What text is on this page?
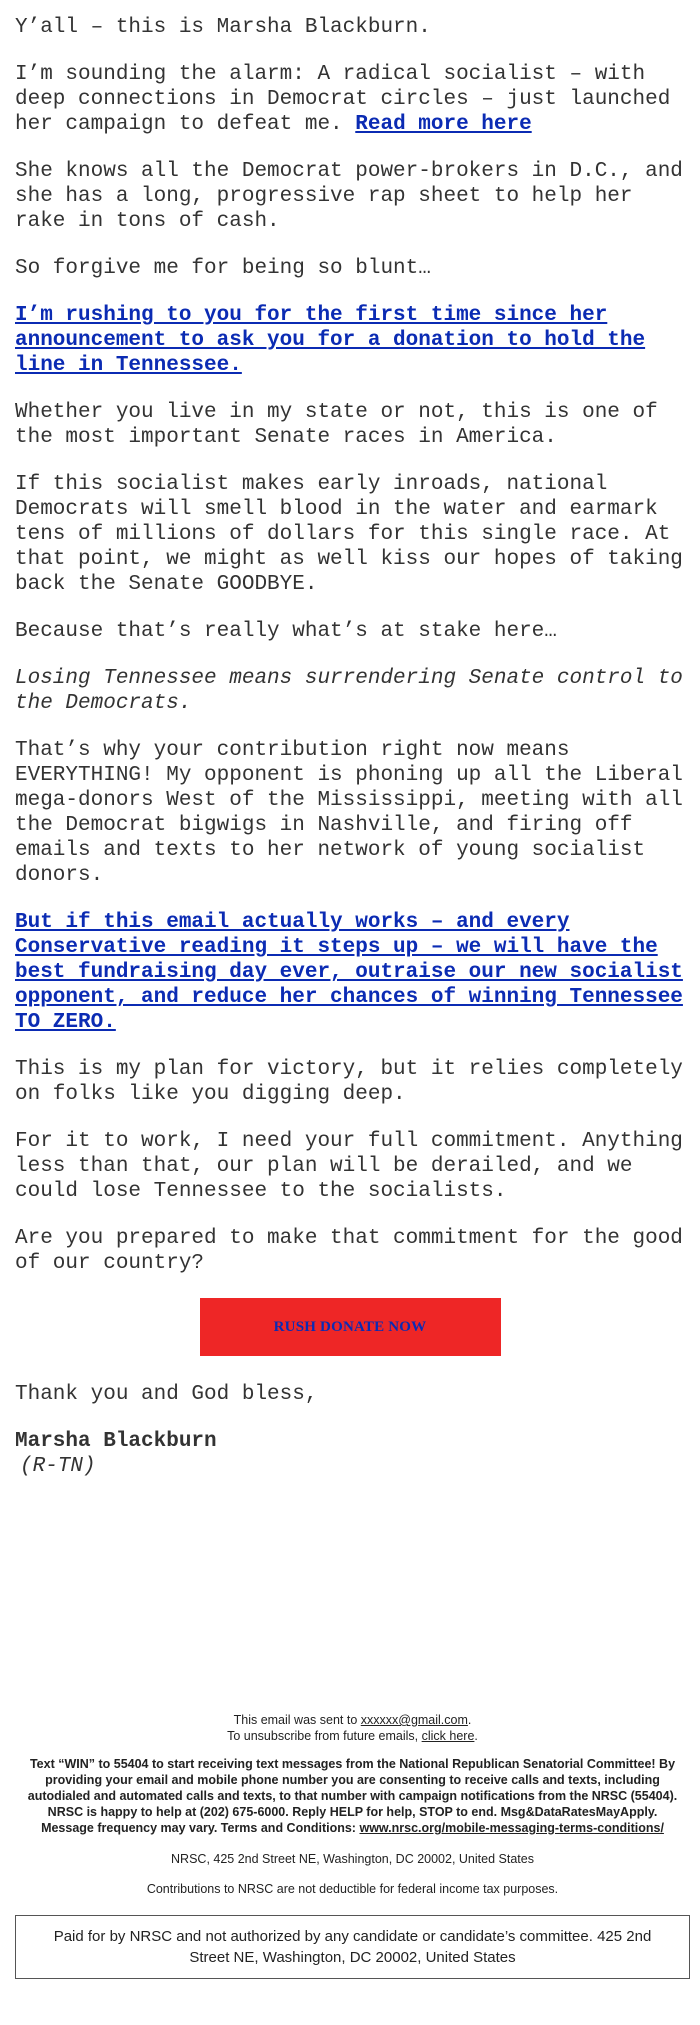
Y’all – this is Marsha Blackburn.

I’m sounding the alarm: A radical socialist – with deep connections in Democrat circles – just launched her campaign to defeat me. Read more here

She knows all the Democrat power-brokers in D.C., and she has a long, progressive rap sheet to help her rake in tons of cash.

So forgive me for being so blunt…

I’m rushing to you for the first time since her announcement to ask you for a donation to hold the line in Tennessee.

Whether you live in my state or not, this is one of the most important Senate races in America.

If this socialist makes early inroads, national Democrats will smell blood in the water and earmark tens of millions of dollars for this single race. At that point, we might as well kiss our hopes of taking back the Senate GOODBYE.

Because that’s really what’s at stake here…

Losing Tennessee means surrendering Senate control to the Democrats.

That’s why your contribution right now means EVERYTHING! My opponent is phoning up all the Liberal mega-donors West of the Mississippi, meeting with all the Democrat bigwigs in Nashville, and firing off emails and texts to her network of young socialist donors.

But if this email actually works – and every Conservative reading it steps up – we will have the best fundraising day ever, outraise our new socialist opponent, and reduce her chances of winning Tennessee TO ZERO.

This is my plan for victory, but it relies completely on folks like you digging deep.

For it to work, I need your full commitment. Anything less than that, our plan will be derailed, and we could lose Tennessee to the socialists.

Are you prepared to make that commitment for the good of our country?

RUSH DONATE NOW

Thank you and God bless,

Marsha Blackburn
(R-TN)

This email was sent to xxxxxx@gmail.com.

To unsubscribe from future emails, click here.

Text “WIN” to 55404 to start receiving text messages from the National Republican Senatorial Committee! By providing your email and mobile phone number you are consenting to receive calls and texts, including autodialed and automated calls and texts, to that number with campaign notifications from the NRSC (55404). NRSC is happy to help at (202) 675-6000. Reply HELP for help, STOP to end. Msg&DataRatesMayApply. Message frequency may vary. Terms and Conditions: www.nrsc.org/mobile-messaging-terms-conditions/

NRSC, 425 2nd Street NE, Washington, DC 20002, United States

Contributions to NRSC are not deductible for federal income tax purposes.

Paid for by NRSC and not authorized by any candidate or candidate’s committee. 425 2nd Street NE, Washington, DC 20002, United States
